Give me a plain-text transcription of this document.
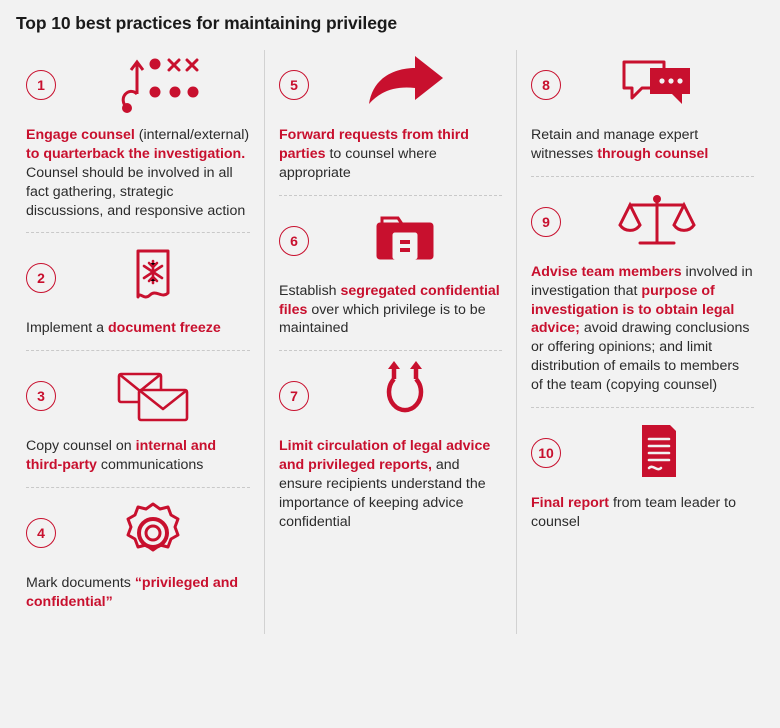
Top 10 best practices for maintaining privilege
1
Engage counsel (internal/external) to quarterback the investigation. Counsel should be involved in all fact gathering, strategic discussions, and responsive action
2
Implement a document freeze
3
Copy counsel on internal and third-party communications
4
Mark documents “privileged and confidential”
5
Forward requests from third parties to counsel where appropriate
6
Establish segregated confidential files over which privilege is to be maintained
7
Limit circulation of legal advice and privileged reports, and ensure recipients understand the importance of keeping advice confidential
8
Retain and manage expert witnesses through counsel
9
Advise team members involved in investigation that purpose of investigation is to obtain legal advice; avoid drawing conclusions or offering opinions; and limit distribution of emails to members of the team (copying counsel)
10
Final report from team leader to counsel
